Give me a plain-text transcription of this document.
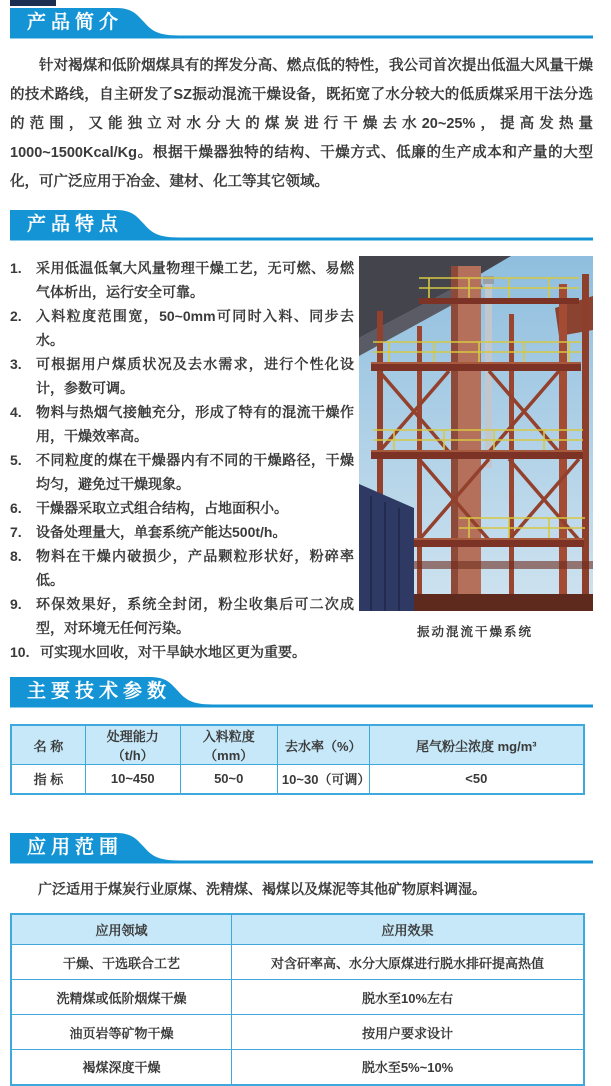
产品简介

针对褐煤和低阶烟煤具有的挥发分高、燃点低的特性，我公司首次提出低温大风量干燥的技术路线，自主研发了SZ振动混流干燥设备，既拓宽了水分较大的低质煤采用干法分选的范围，又能独立对水分大的煤炭进行干燥去水20~25%，提高发热量1000~1500Kcal/Kg。根据干燥器独特的结构、干燥方式、低廉的生产成本和产量的大型化，可广泛应用于冶金、建材、化工等其它领域。

产品特点
1.	采用低温低氧大风量物理干燥工艺，无可燃、易燃气体析出，运行安全可靠。
2.	入料粒度范围宽，50~0mm可同时入料、同步去水。
3.	可根据用户煤质状况及去水需求，进行个性化设计，参数可调。
4.	物料与热烟气接触充分，形成了特有的混流干燥作用，干燥效率高。
5.	不同粒度的煤在干燥器内有不同的干燥路径，干燥均匀，避免过干燥现象。
6.	干燥器采取立式组合结构，占地面积小。
7.	设备处理量大，单套系统产能达500t/h。
8.	物料在干燥内破损少，产品颗粒形状好，粉碎率低。
9.	环保效果好，系统全封闭，粉尘收集后可二次成型，对环境无任何污染。
10. 可实现水回收，对干旱缺水地区更为重要。
振动混流干燥系统
主要技术参数
名 称	处理能力（t/h）	入料粒度（mm）	去水率（%）	尾气粉尘浓度 mg/m³
指 标	10~450	50~0	10~30（可调）	<50
应用范围

广泛适用于煤炭行业原煤、洗精煤、褐煤以及煤泥等其他矿物原料调湿。

应用领域	应用效果
干燥、干选联合工艺	对含矸率高、水分大原煤进行脱水排矸提高热值
洗精煤或低阶烟煤干燥	脱水至10%左右
油页岩等矿物干燥	按用户要求设计
褐煤深度干燥	脱水至5%~10%
